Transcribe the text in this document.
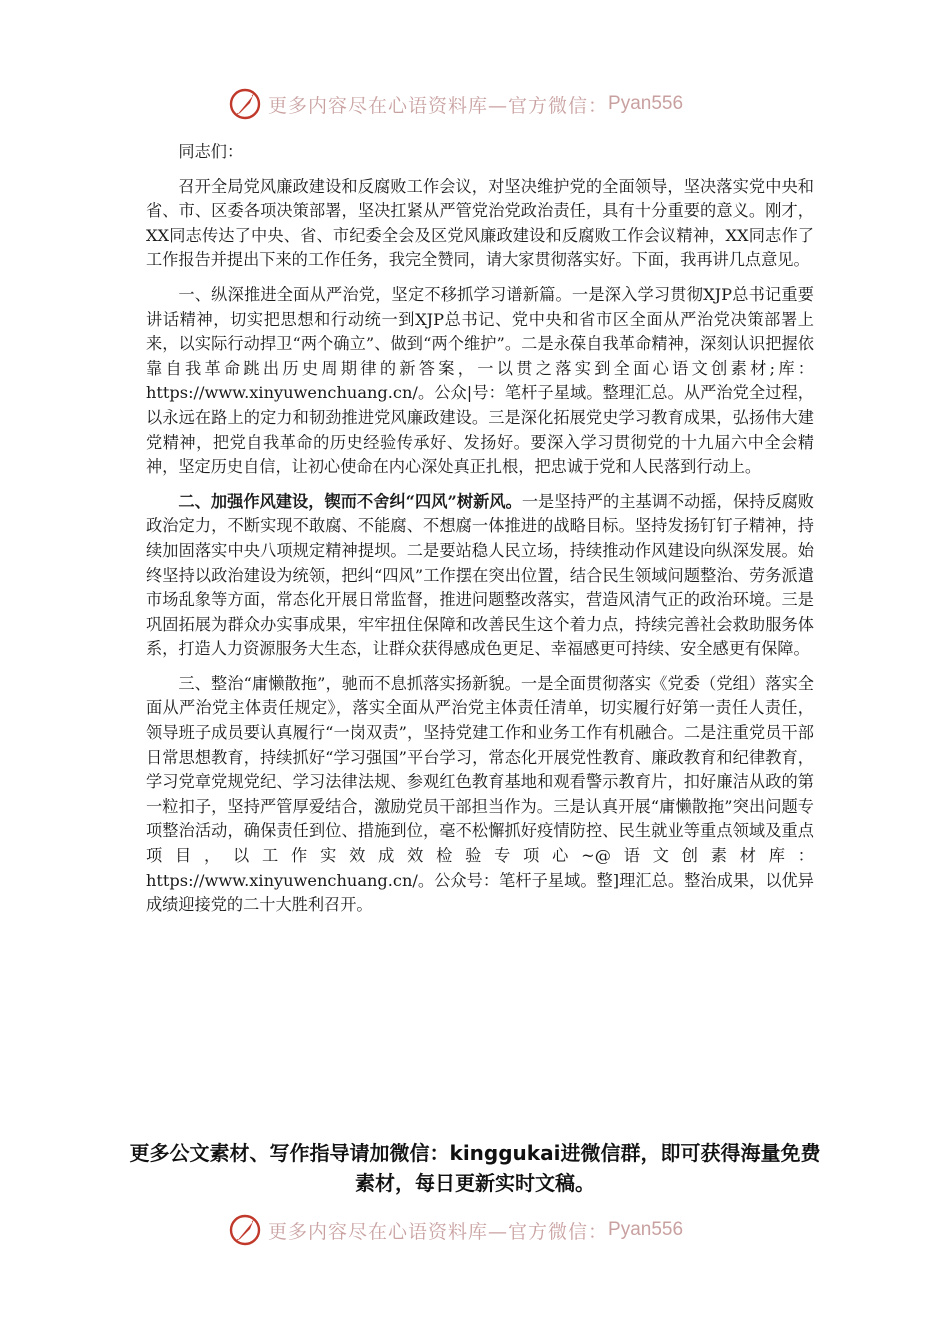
更多内容尽在心语资料库—官方微信： Pyan556

同志们：

召开全局党风廉政建设和反腐败工作会议，对坚决维护党的全面领导，坚决落实党中央和省、市、区委各项决策部署，坚决扛紧从严管党治党政治责任，具有十分重要的意义。刚才，XX同志传达了中央、省、市纪委全会及区党风廉政建设和反腐败工作会议精神，XX同志作了工作报告并提出下来的工作任务，我完全赞同，请大家贯彻落实好。下面，我再讲几点意见。

一、纵深推进全面从严治党，坚定不移抓学习谱新篇。一是深入学习贯彻XJP总书记重要讲话精神，切实把思想和行动统一到XJP总书记、党中央和省市区全面从严治党决策部署上来，以实际行动捍卫“两个确立”、做到“两个维护”。二是永葆自我革命精神，深刻认识把握依靠自我革命跳出历史周期律的新答案，一以贯之落实到全面心语文创素材;库：https://www.xinyuwenchuang.cn/。公众|号：笔杆子星域。整理汇总。从严治党全过程，以永远在路上的定力和韧劲推进党风廉政建设。三是深化拓展党史学习教育成果，弘扬伟大建党精神，把党自我革命的历史经验传承好、发扬好。要深入学习贯彻党的十九届六中全会精神，坚定历史自信，让初心使命在内心深处真正扎根，把忠诚于党和人民落到行动上。

二、加强作风建设，锲而不舍纠“四风”树新风。一是坚持严的主基调不动摇，保持反腐败政治定力，不断实现不敢腐、不能腐、不想腐一体推进的战略目标。坚持发扬钉钉子精神，持续加固落实中央八项规定精神提坝。二是要站稳人民立场，持续推动作风建设向纵深发展。始终坚持以政治建设为统领，把纠“四风”工作摆在突出位置，结合民生领域问题整治、劳务派遣市场乱象等方面，常态化开展日常监督，推进问题整改落实，营造风清气正的政治环境。三是巩固拓展为群众办实事成果，牢牢扭住保障和改善民生这个着力点，持续完善社会救助服务体系，打造人力资源服务大生态，让群众获得感成色更足、幸福感更可持续、安全感更有保障。

三、整治“庸懒散拖”，驰而不息抓落实扬新貌。一是全面贯彻落实《党委（党组）落实全面从严治党主体责任规定》，落实全面从严治党主体责任清单，切实履行好第一责任人责任，领导班子成员要认真履行“一岗双责”，坚持党建工作和业务工作有机融合。二是注重党员干部日常思想教育，持续抓好“学习强国”平台学习，常态化开展党性教育、廉政教育和纪律教育，学习党章党规党纪、学习法律法规、参观红色教育基地和观看警示教育片，扣好廉洁从政的第一粒扣子，坚持严管厚爱结合，激励党员干部担当作为。三是认真开展“庸懒散拖”突出问题专项整治活动，确保责任到位、措施到位，毫不松懈抓好疫情防控、民生就业等重点领域及重点项目，以工作实效成效检验专项心~@语文创素材库：https://www.xinyuwenchuang.cn/。公众号：笔杆子星域。整]理汇总。整治成果，以优异成绩迎接党的二十大胜利召开。

更多公文素材、写作指导请加微信：kinggukai进微信群，即可获得海量免费素材，每日更新实时文稿。
更多内容尽在心语资料库—官方微信： Pyan556
